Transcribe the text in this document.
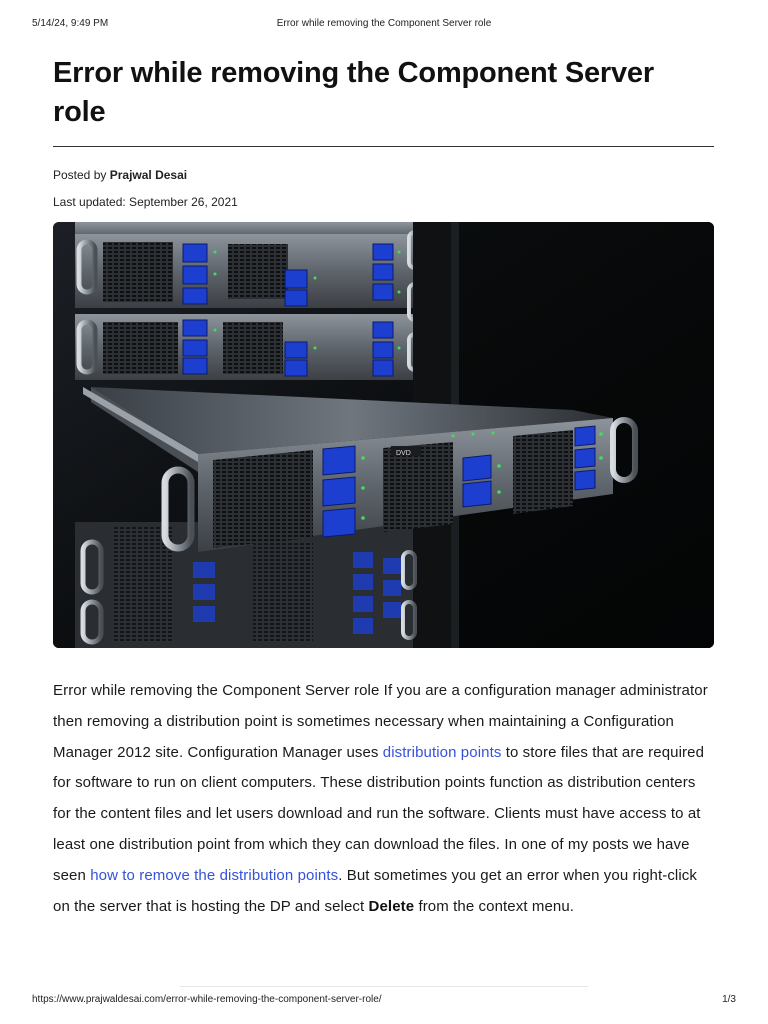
5/14/24, 9:49 PM	Error while removing the Component Server role
Error while removing the Component Server role
Posted by Prajwal Desai
Last updated: September 26, 2021
DVD

Error while removing the Component Server role If you are a configuration manager administrator then removing a distribution point is sometimes necessary when maintaining a Configuration Manager 2012 site. Configuration Manager uses distribution points to store files that are required for software to run on client computers. These distribution points function as distribution centers for the content files and let users download and run the software. Clients must have access to at least one distribution point from which they can download the files. In one of my posts we have seen how to remove the distribution points. But sometimes you get an error when you right-click on the server that is hosting the DP and select Delete from the context menu.

https://www.prajwaldesai.com/error-while-removing-the-component-server-role/	1/3
